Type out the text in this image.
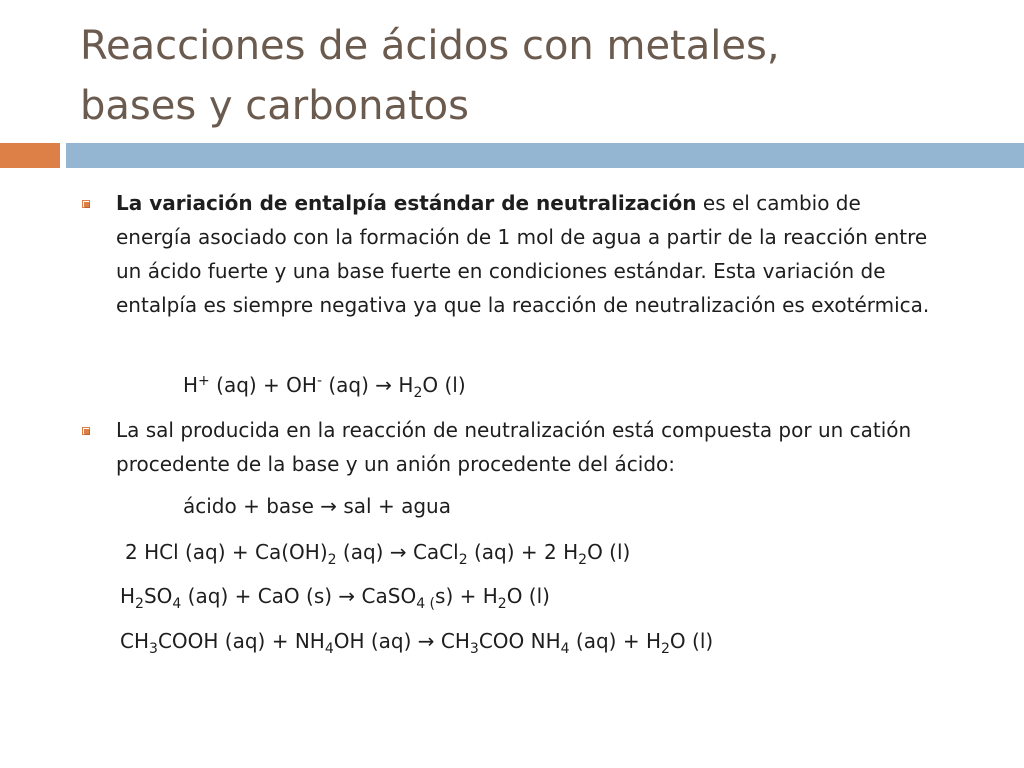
Reacciones de ácidos con metales,
bases y carbonatos

La variación de entalpía estándar de neutralización es el cambio de energía asociado con la formación de 1 mol de agua a partir de la reacción entre un ácido fuerte y una base fuerte en condiciones estándar. Esta variación de entalpía es siempre negativa ya que la reacción de neutralización es exotérmica.

H+ (aq) + OH- $(aq) \to H_2O$ (l)

La sal producida en la reacción de neutralización está compuesta por un catión procedente de la base y un anión procedente del ácido:

ácido + base → sal + agua
2 HCl $(aq) + Ca(OH)_2$ (aq) → CaCl$_2$ (aq) + 2 $H_2O$ (l)
$H_2SO_4$ (aq) + CaO (s) → CaSO$_{4 (}$s) + $H_2O$ (l)
$CH_3COOH$ $(aq) + NH_4OH$ $(aq) \to CH_3COO$ $NH_4$ $(aq) + H_2O$ (l)
